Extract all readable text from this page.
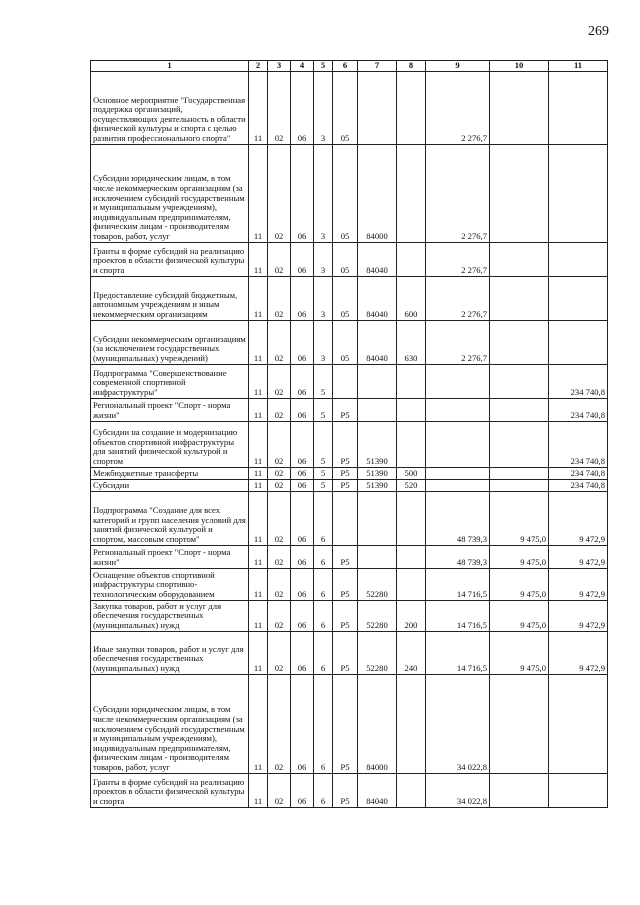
269
1	2	3	4	5	6	7	8	9	10	11
Основное мероприятие "Государственная поддержка организаций, осуществляющих деятельность в области физической культуры и спорта с целью развития профессионального спорта"	11	02	06	3	05			2 276,7		
Субсидии юридическим лицам, в том числе некоммерческим организациям (за исключением субсидий государственным и муниципальным учреждениям), индивидуальным предпринимателям, физическим лицам - производителям товаров, работ, услуг	11	02	06	3	05	84000		2 276,7		
Гранты в форме субсидий на реализацию проектов в области физической культуры и спорта	11	02	06	3	05	84040		2 276,7		
Предоставление субсидий бюджетным, автономным учреждениям и иным некоммерческим организациям	11	02	06	3	05	84040	600	2 276,7		
Субсидии некоммерческим организациям (за исключением государственных (муниципальных) учреждений)	11	02	06	3	05	84040	630	2 276,7		
Подпрограмма "Совершенствование современной спортивной инфраструктуры"	11	02	06	5						234 740,8
Региональный проект "Спорт - норма жизни"	11	02	06	5	P5					234 740,8
Субсидии на создание и модернизацию объектов спортивной инфраструктуры для занятий физической культурой и спортом	11	02	06	5	P5	51390				234 740,8
Межбюджетные трансферты	11	02	06	5	P5	51390	500			234 740,8
Субсидии	11	02	06	5	P5	51390	520			234 740,8
Подпрограмма "Создание для всех категорий и групп населения условий для занятий физической культурой и спортом, массовым спортом"	11	02	06	6				48 739,3	9 475,0	9 472,9
Региональный проект "Спорт - норма жизни"	11	02	06	6	P5			48 739,3	9 475,0	9 472,9
Оснащение объектов спортивной инфраструктуры спортивно-технологическим оборудованием	11	02	06	6	P5	52280		14 716,5	9 475,0	9 472,9
Закупка товаров, работ и услуг для обеспечения государственных (муниципальных) нужд	11	02	06	6	P5	52280	200	14 716,5	9 475,0	9 472,9
Иные закупки товаров, работ и услуг для обеспечения государственных (муниципальных) нужд	11	02	06	6	P5	52280	240	14 716,5	9 475,0	9 472,9
Субсидии юридическим лицам, в том числе некоммерческим организациям (за исключением субсидий государственным и муниципальным учреждениям), индивидуальным предпринимателям, физическим лицам - производителям товаров, работ, услуг	11	02	06	6	P5	84000		34 022,8		
Гранты в форме субсидий на реализацию проектов в области физической культуры и спорта	11	02	06	6	P5	84040		34 022,8		
